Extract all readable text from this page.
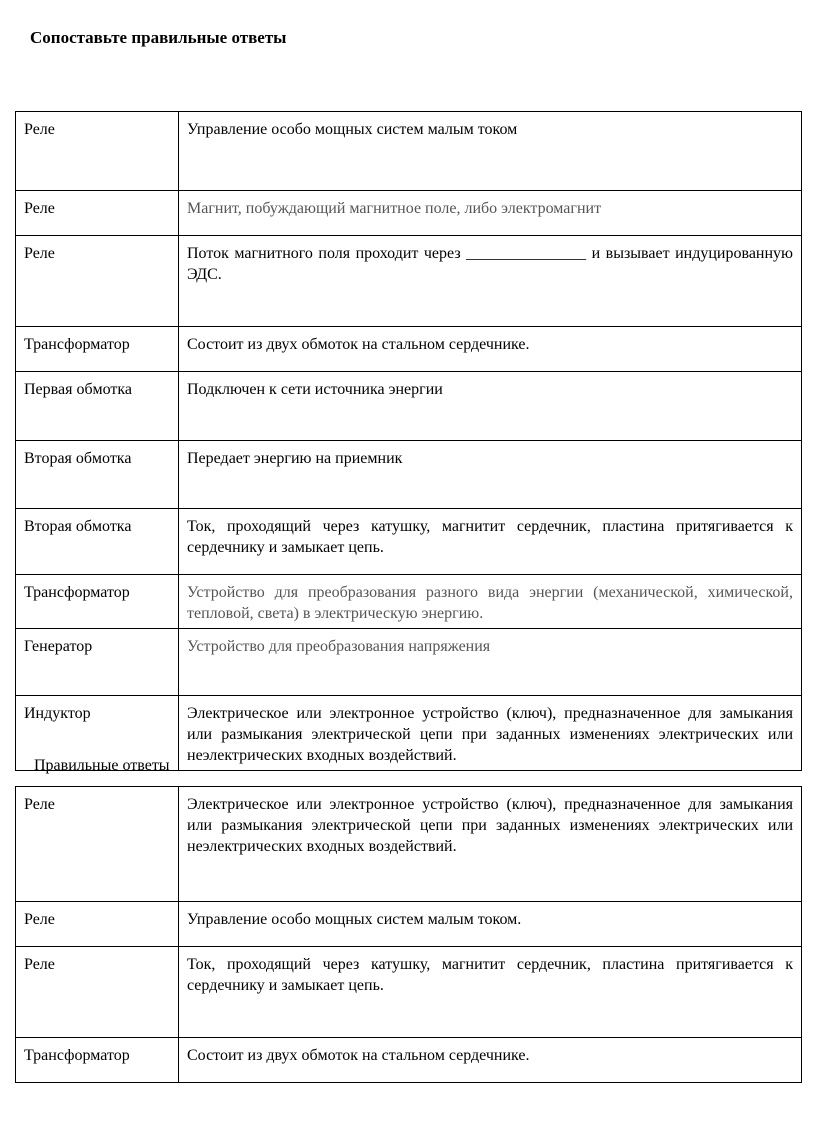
Сопоставьте правильные ответы
Реле	Управление особо мощных систем малым током
Реле	Магнит, побуждающий магнитное поле, либо электромагнит
Реле	Поток магнитного поля проходит через _______________ и вызывает индуцированную ЭДС.
Трансформатор	Состоит из двух обмоток на стальном сердечнике.
Первая обмотка	Подключен к сети источника энергии
Вторая обмотка	Передает энергию на приемник
Вторая обмотка	Ток, проходящий через катушку, магнитит сердечник, пластина притягивается к сердечнику и замыкает цепь.
Трансформатор	Устройство для преобразования разного вида энергии (механической, химической, тепловой, света) в электрическую энергию.
Генератор	Устройство для преобразования напряжения
Индуктор	Электрическое или электронное устройство (ключ), предназначенное для замыкания или размыкания электрической цепи при заданных изменениях электрических или неэлектрических входных воздействий.
Правильные ответы
Реле	Электрическое или электронное устройство (ключ), предназначенное для замыкания или размыкания электрической цепи при заданных изменениях электрических или неэлектрических входных воздействий.
Реле	Управление особо мощных систем малым током.
Реле	Ток, проходящий через катушку, магнитит сердечник, пластина притягивается к сердечнику и замыкает цепь.
Трансформатор	Состоит из двух обмоток на стальном сердечнике.
